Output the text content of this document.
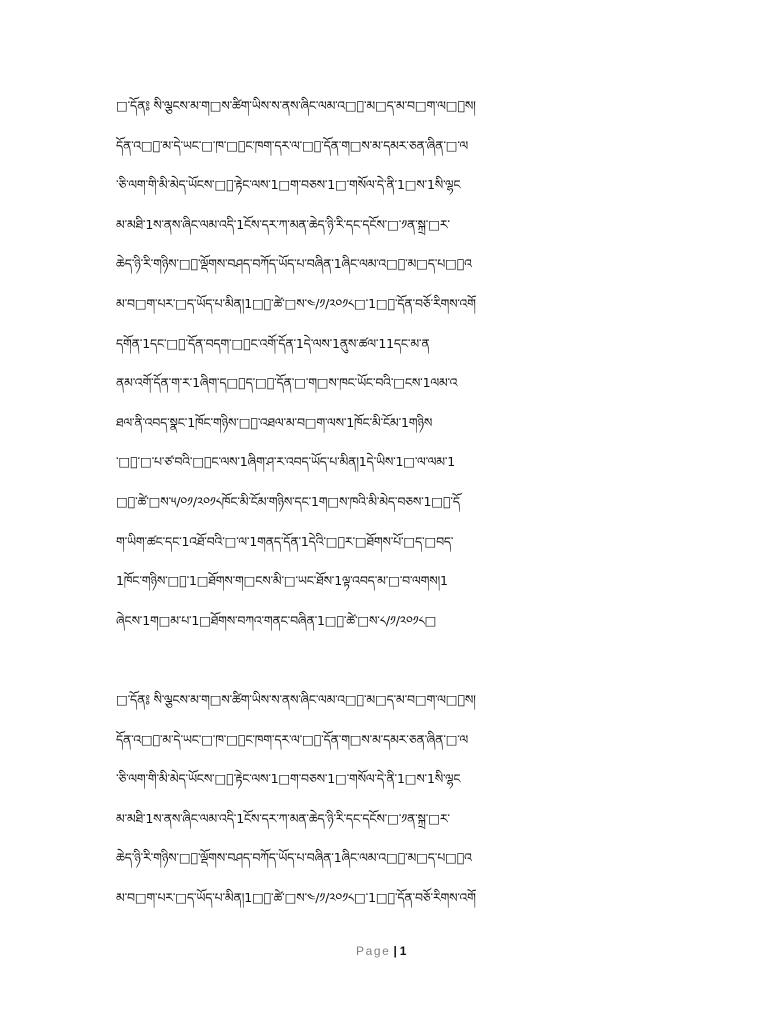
□་དོན༔ སི་ལྕངས་མ་ག□ས་ཚིག་ཡིས་ས་ནས་ཞིང་ལམ་འ□ོ་མ□ད་མ་བ□ག་ལ□ོས།
དོན་འ□ེ་མ་དེ་ཡང་□་ཁ་□ོང་ཁག་དར་ལ་□ེ་དོན་ག□ས་མ་དམར་ཅན་ཞིན་□་ལ
་ཅི་ལག་གི་མི་མེད་ཡོངས་□ི་རྟེང་ལས་1□ག་བཅས་1□་གསོལ་དེ་ནི་1□ས་1སི་ལྷང
མ་མཐི་1ས་ནས་ཞིང་ལམ་འདི་1ངོས་དར་ཀ་མན་ཆེད་ཉི་རི་དང་དངོས་□་༡ན་སྐྲ་□ར་
ཆེད་ཉི་རི་གཉིས་□ི་ལྡོགས་བཤད་བཀོད་ཡོད་པ་བཞིན་1ཞིང་ལམ་འ□ོ་མ□ད་པ□ིའ
མ་བ□ག་པར་□ད་ཡོད་པ་མིན།1□ི་ཚེ་□ས་༤/༡/༢༠༡༨□་1□ེ་དོན་བཅོ་རིགས་འགོ
དགོན་1དང་□ེ་དོན་བདག་□ོང་འགོ་དོན་1དེ་ལས་1ནུས་ཚལ་11དང་མ་ན
ནམ་འགོ་དོན་ག་ར་1ཞིག་ད□ོད་□ི་དོན་□་ག□ས་ཁང་ཡོང་བའི་□ངས་1ལམ་འ
ཐལ་ནི་འབད་སྣང་1ཁོང་གཉིས་□ེ་འཐལ་མ་བ□ག་ལས་1ཁོང་མི་ངོམ་1གཉིས
་□ི་□་པ་ཙ་བའི་□ོང་ལས་1ཞིག་ཤ་ར་འབད་ཡོད་པ་མིན།1དེ་ཡིས་1□་ལ་ལམ་1
□ི་ཚེ་□ས་༥/༠༡/༢༠༡༨ཁོང་མི་ངོམ་གཉིས་དང་1ག□ས་ཁའི་མི་མེད་བཅས་1□ེ་དོ
ག་ཡིག་ཚང་དང་1འཐོ་བའི་□་ལ་1གནད་དོན་1དེའི་□ོར་□ཐོགས་པོ་□ད་□བད་
1ཁོང་གཉིས་□ི་1□ཐོགས་ག□ངས་མི་□་ཡང་ཐོས་1ལྟ་འབད་མ་□་བ་ལགས།1
ཞེངས་1ག□མ་པ་1□ཐོགས་བཀའ་གནང་བཞིན་1□ི་ཚེ་□ས་༨/༡/༢༠༡༨□
□་དོན༔ སི་ལྕངས་མ་ག□ས་ཚིག་ཡིས་ས་ནས་ཞིང་ལམ་འ□ོ་མ□ད་མ་བ□ག་ལ□ོས།
དོན་འ□ེ་མ་དེ་ཡང་□་ཁ་□ོང་ཁག་དར་ལ་□ེ་དོན་ག□ས་མ་དམར་ཅན་ཞིན་□་ལ
་ཅི་ལག་གི་མི་མེད་ཡོངས་□ི་རྟེང་ལས་1□ག་བཅས་1□་གསོལ་དེ་ནི་1□ས་1སི་ལྷང
མ་མཐི་1ས་ནས་ཞིང་ལམ་འདི་1ངོས་དར་ཀ་མན་ཆེད་ཉི་རི་དང་དངོས་□་༡ན་སྐྲ་□ར་
ཆེད་ཉི་རི་གཉིས་□ི་ལྡོགས་བཤད་བཀོད་ཡོད་པ་བཞིན་1ཞིང་ལམ་འ□ོ་མ□ད་པ□ིའ
མ་བ□ག་པར་□ད་ཡོད་པ་མིན།1□ི་ཚེ་□ས་༤/༡/༢༠༡༨□་1□ེ་དོན་བཅོ་རིགས་འགོ
Page | 1
